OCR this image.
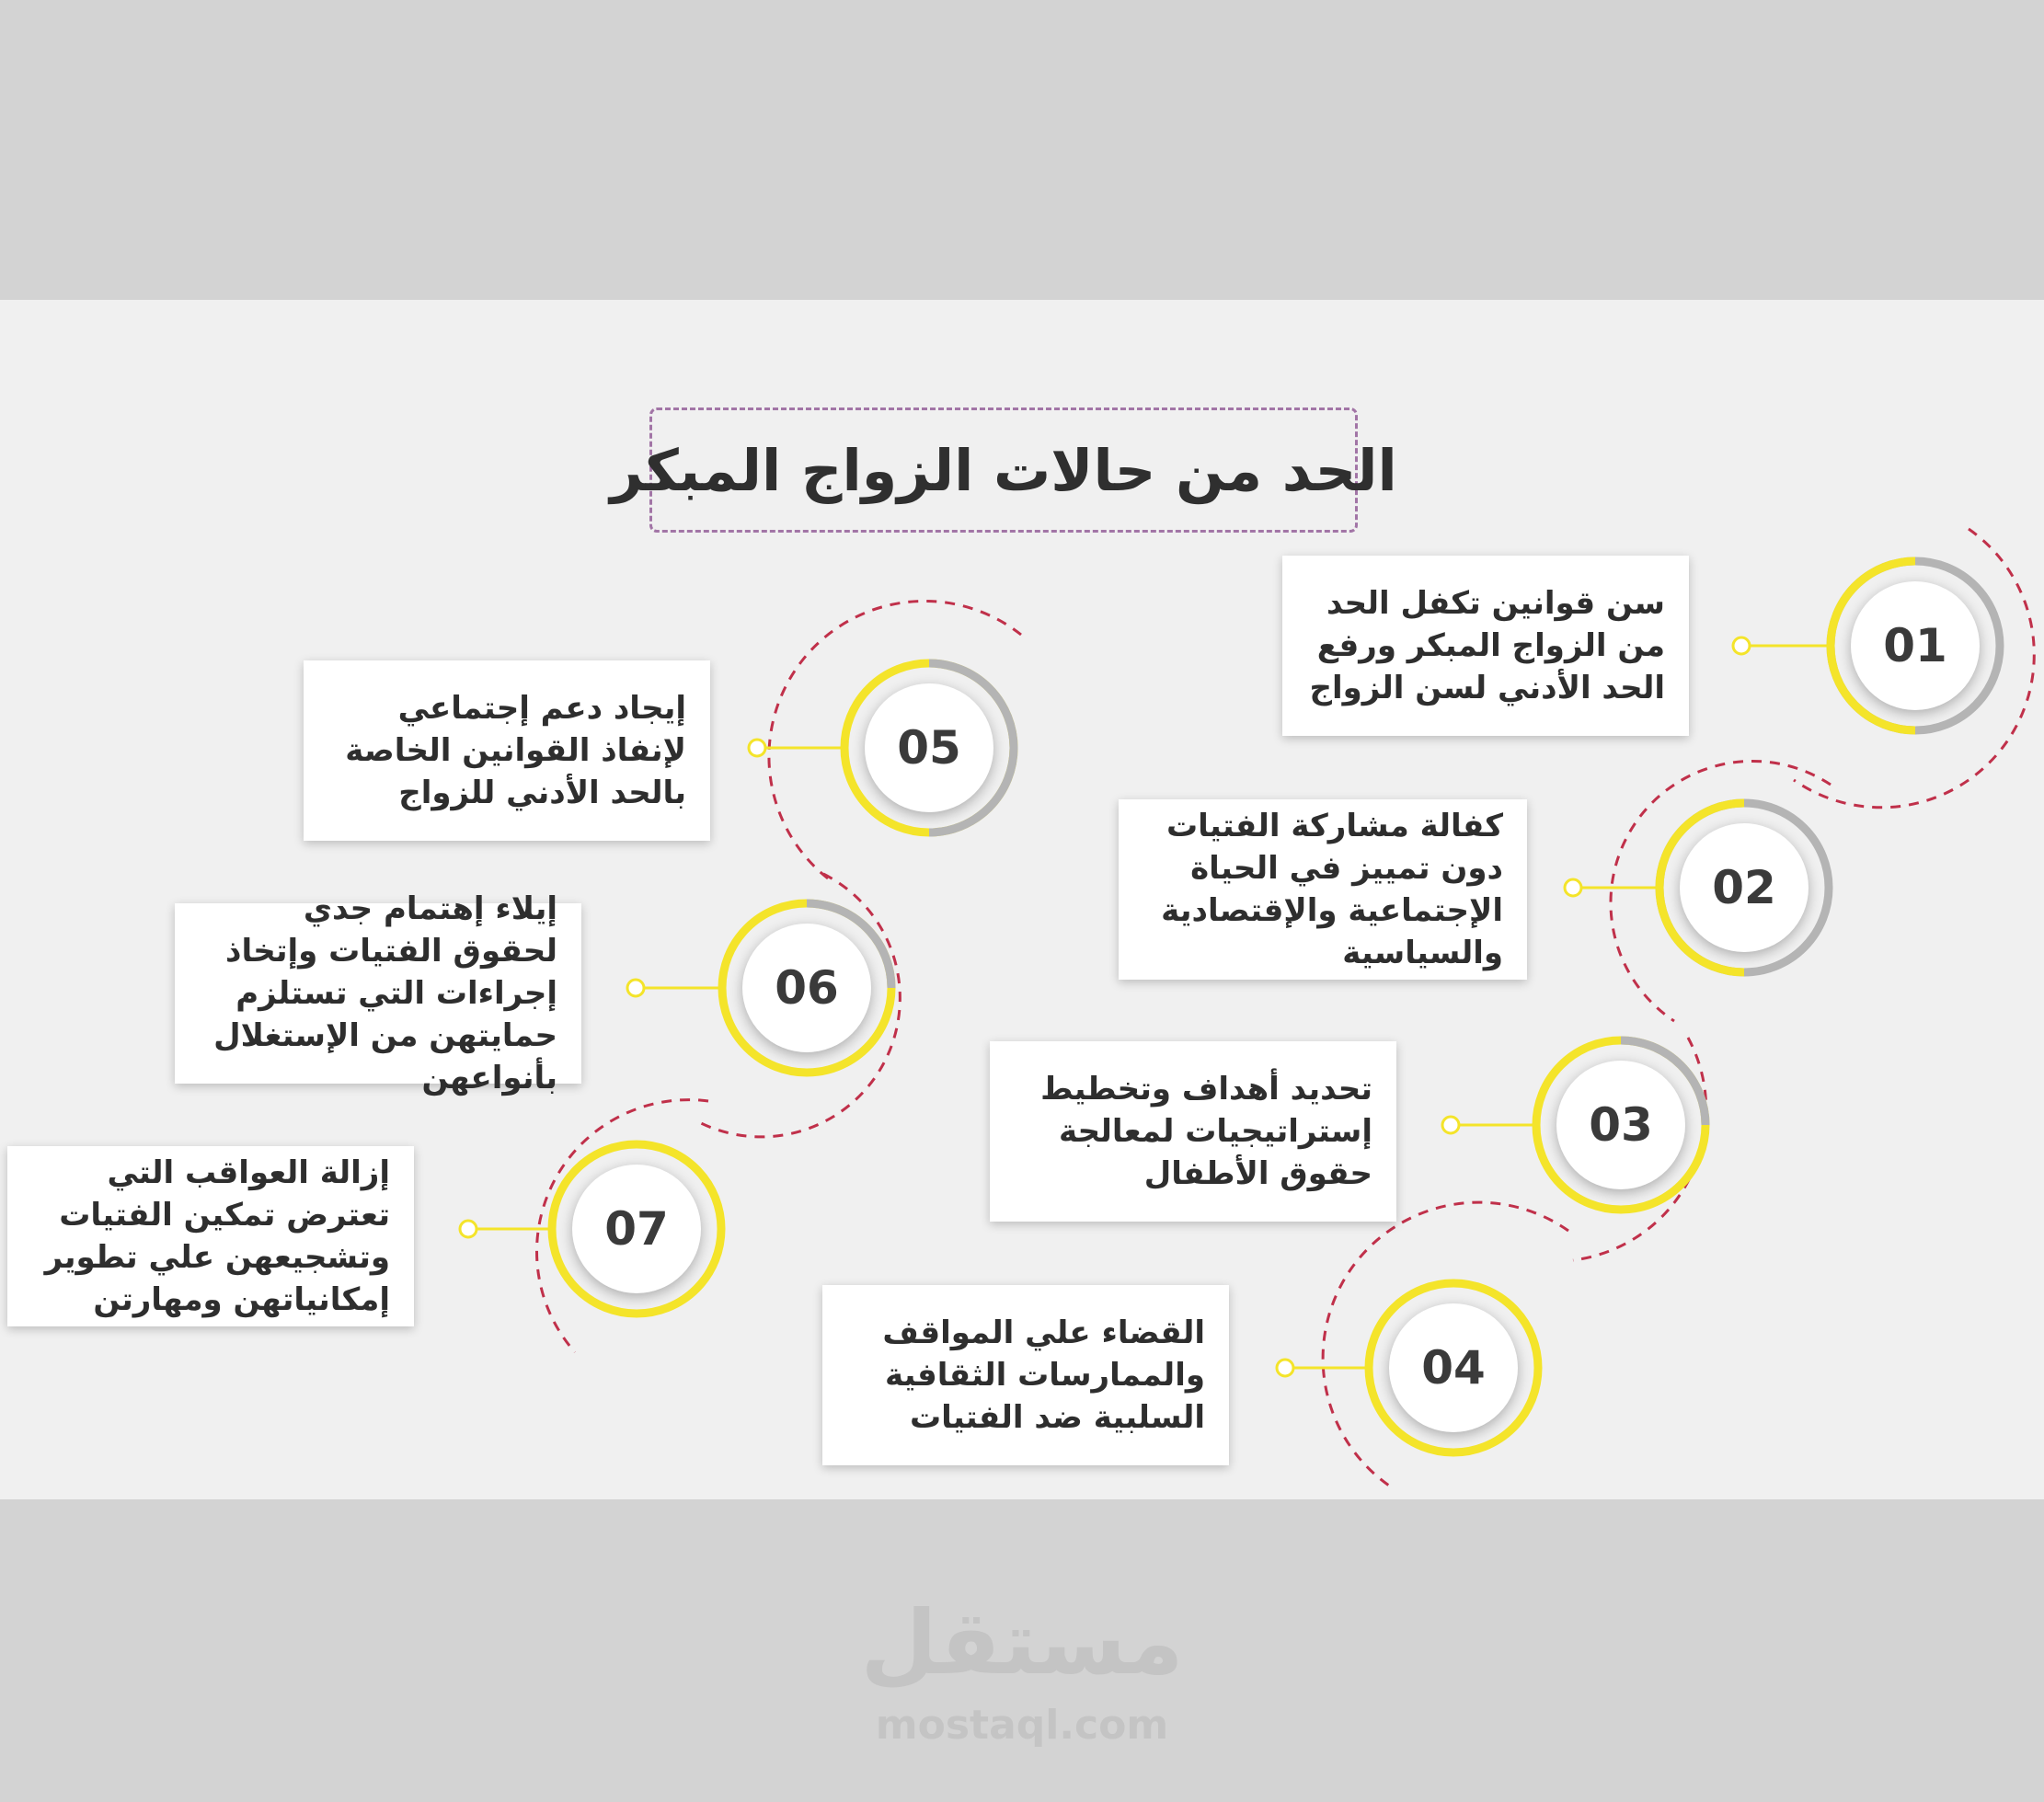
الحد من حالات الزواج المبكر
01
سن قوانين تكفل الحد من الزواج المبكر ورفع الحد الأدني لسن الزواج
02
كفالة مشاركة الفتيات دون تمييز في الحياة الإجتماعية والإقتصادية والسياسية
03
تحديد أهداف وتخطيط إستراتيجيات لمعالجة حقوق الأطفال
04
القضاء علي المواقف والممارسات الثقافية السلبية ضد الفتيات
05
إيجاد دعم إجتماعي لإنفاذ القوانين الخاصة بالحد الأدني للزواج
06
إيلاء إهتمام جدي لحقوق الفتيات وإتخاذ إجراءات التي تستلزم حمايتهن من الإستغلال بأنواعهن
07
إزالة العواقب التي تعترض تمكين الفتيات وتشجيعهن علي تطوير إمكانياتهن ومهارتن
مستقل
mostaql.com
